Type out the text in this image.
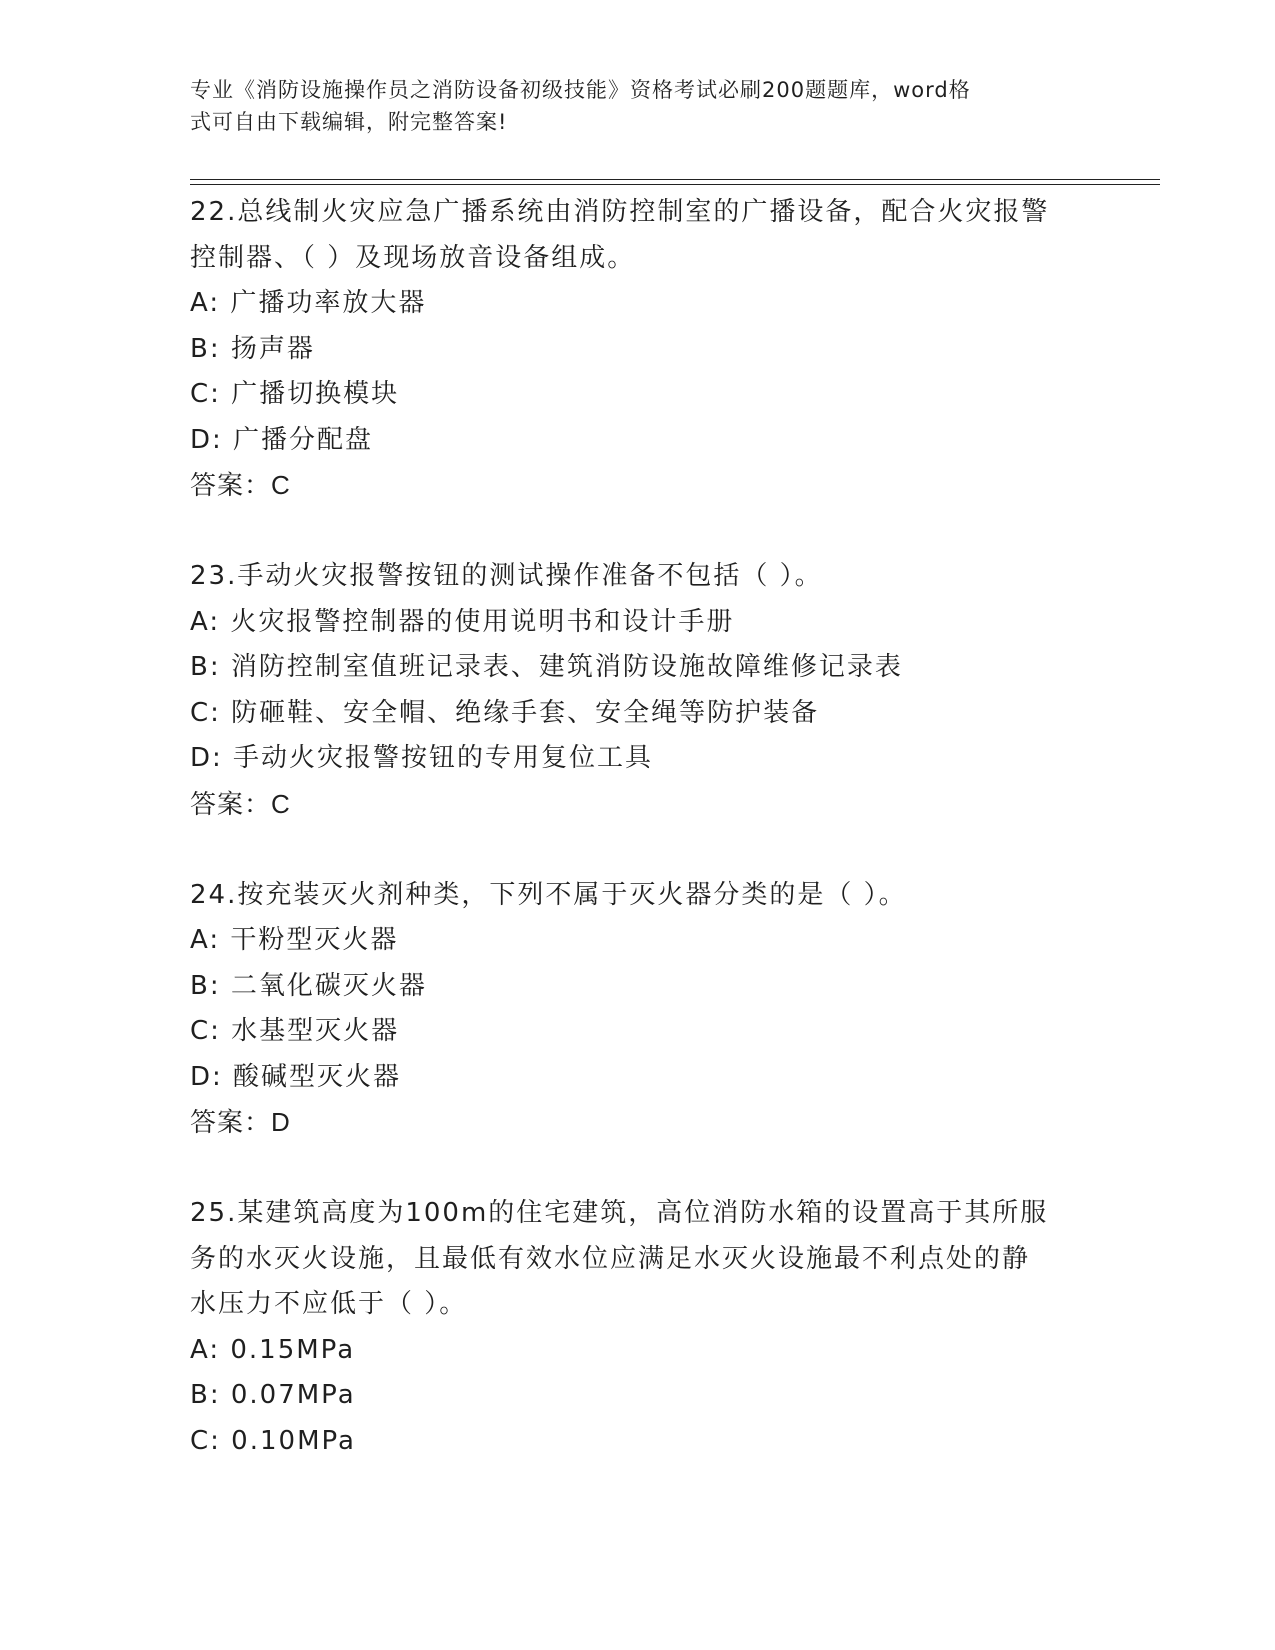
专业《消防设施操作员之消防设备初级技能》资格考试必刷200题题库，word格
式可自由下载编辑，附完整答案!
22.总线制火灾应急广播系统由消防控制室的广播设备，配合火灾报警
控制器、（ ）及现场放音设备组成。
A: 广播功率放大器
B: 扬声器
C: 广播切换模块
D: 广播分配盘
答案：C
23.手动火灾报警按钮的测试操作准备不包括（ ）。
A: 火灾报警控制器的使用说明书和设计手册
B: 消防控制室值班记录表、建筑消防设施故障维修记录表
C: 防砸鞋、安全帽、绝缘手套、安全绳等防护装备
D: 手动火灾报警按钮的专用复位工具
答案：C
24.按充装灭火剂种类，下列不属于灭火器分类的是（ ）。
A: 干粉型灭火器
B: 二氧化碳灭火器
C: 水基型灭火器
D: 酸碱型灭火器
答案：D
25.某建筑高度为100m的住宅建筑，高位消防水箱的设置高于其所服
务的水灭火设施，且最低有效水位应满足水灭火设施最不利点处的静
水压力不应低于（ ）。
A: 0.15MPa
B: 0.07MPa
C: 0.10MPa
